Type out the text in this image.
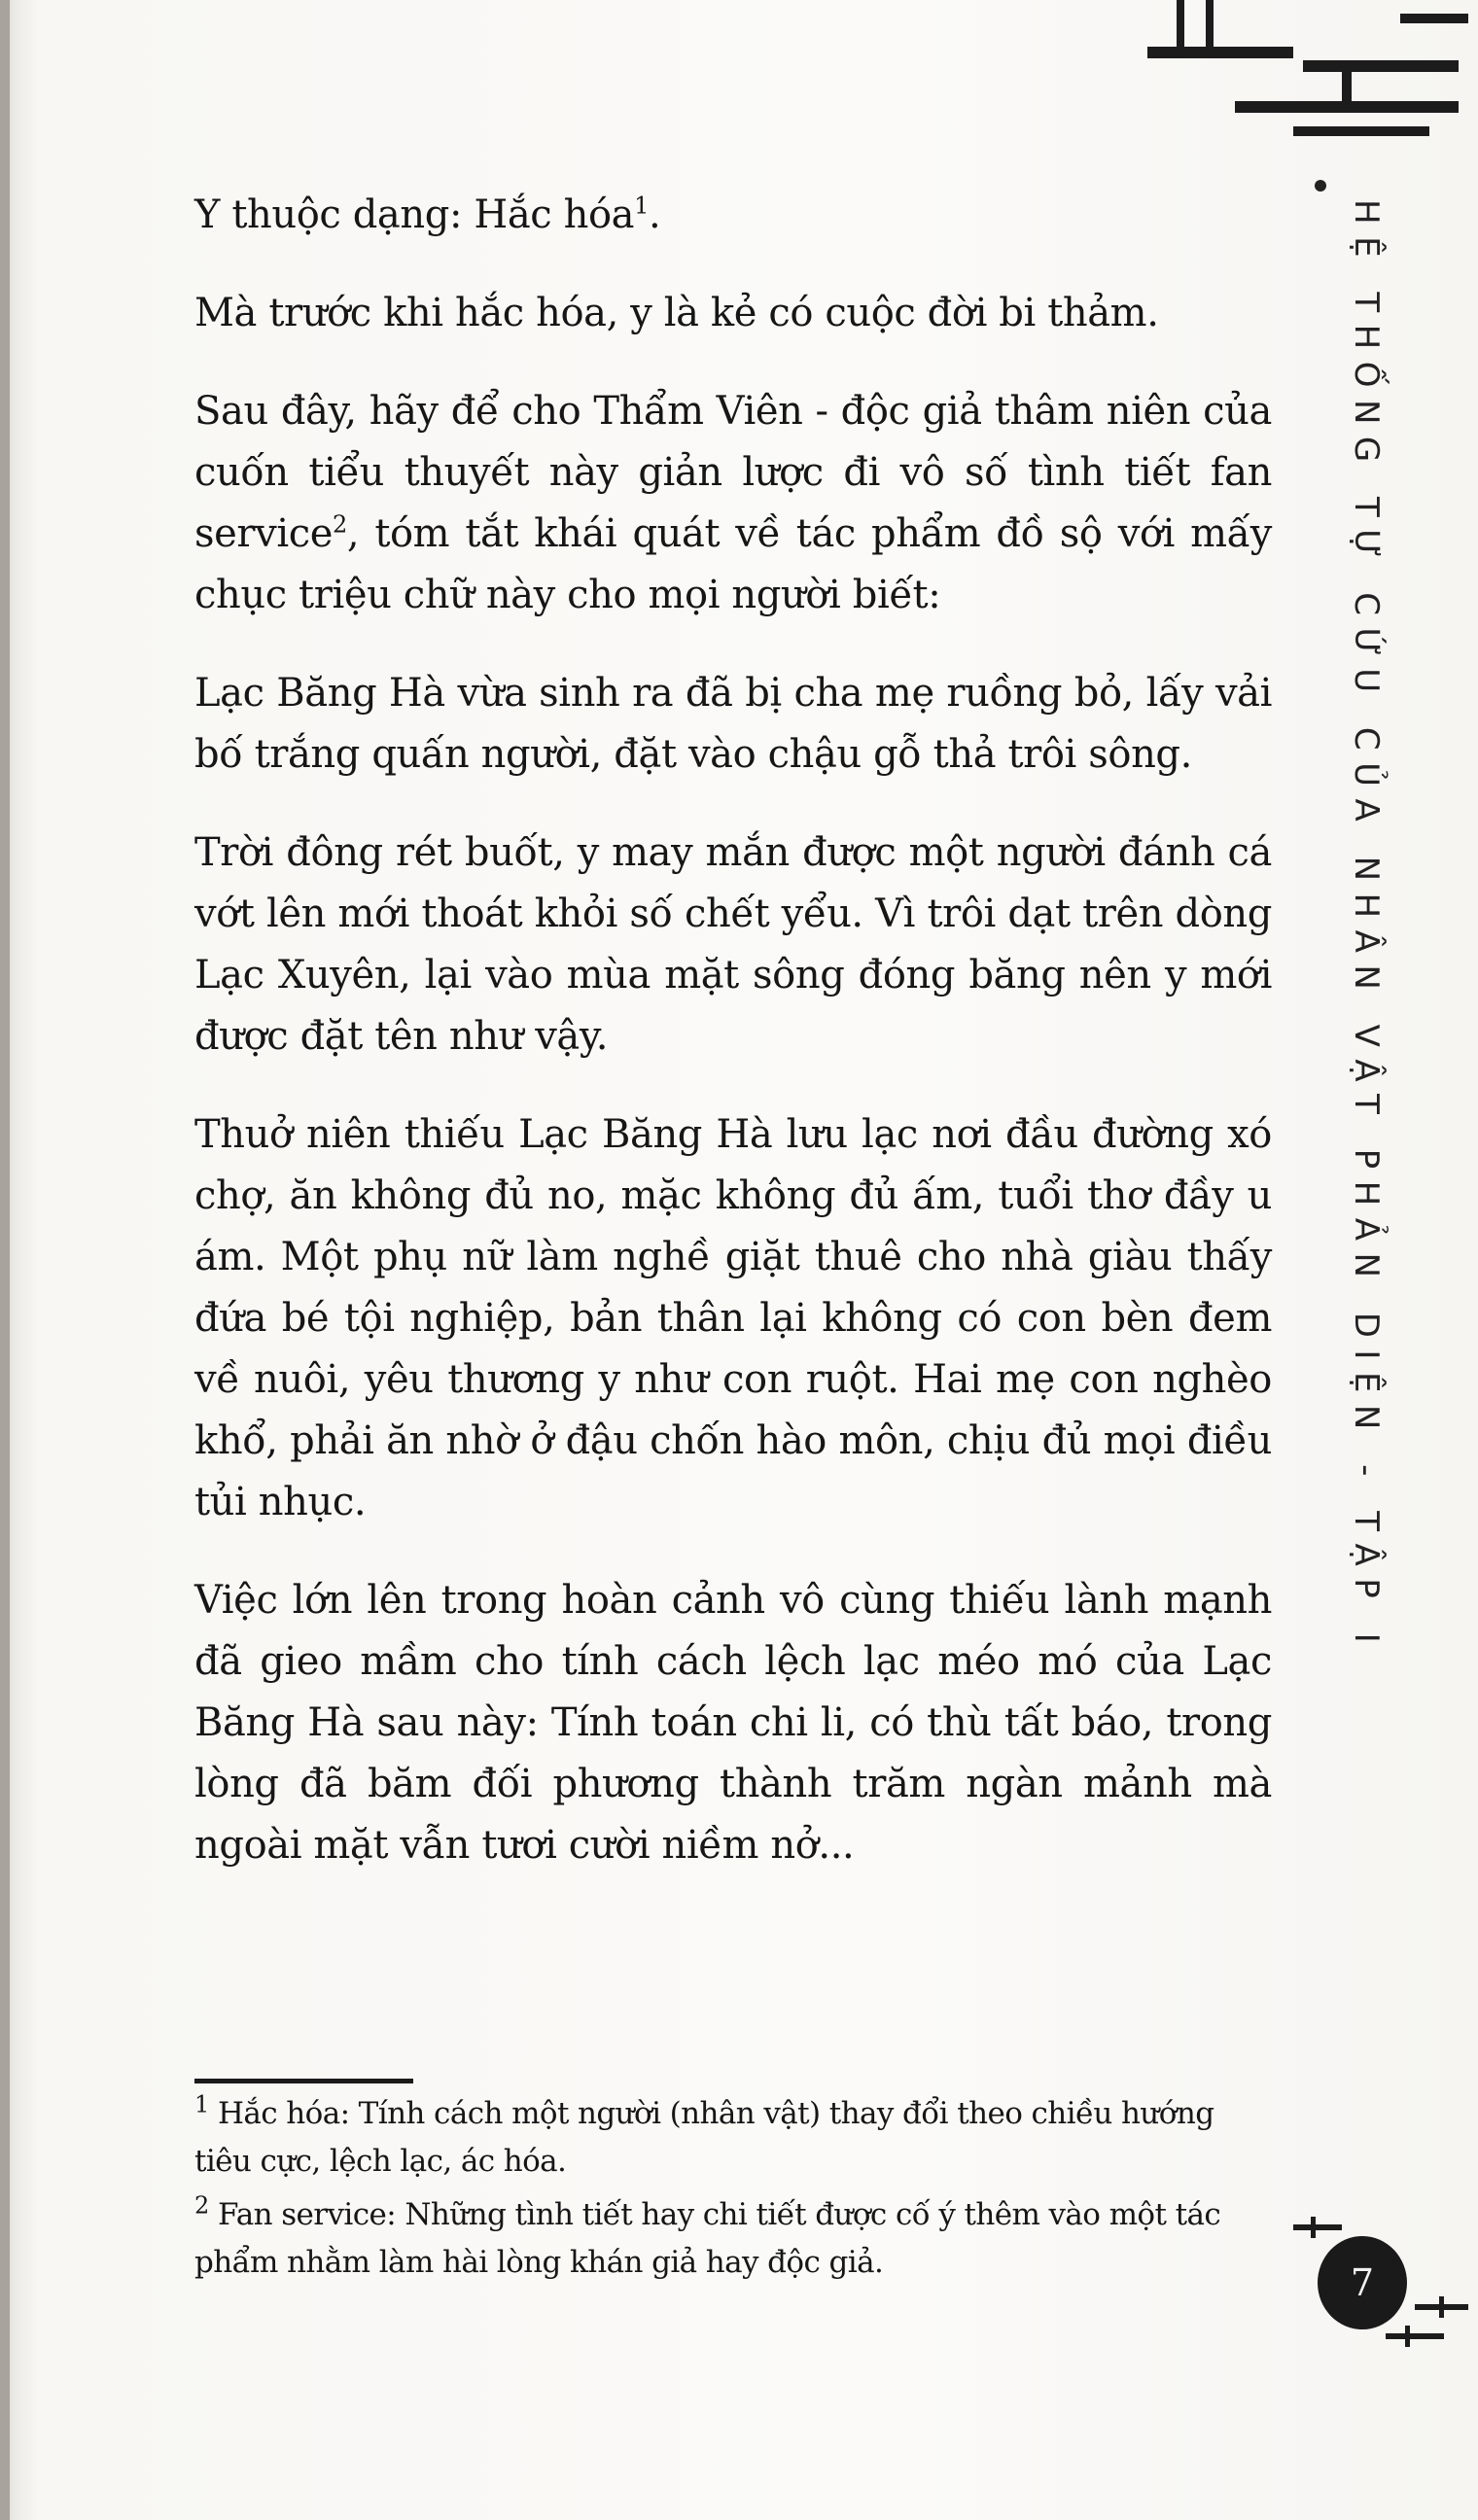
HỆ THỐNG TỰ CỨU CỦA NHÂN VẬT PHẢN DIỆN - TẬP I

Y thuộc dạng: Hắc hóa$^1$.

Mà trước khi hắc hóa, y là kẻ có cuộc đời bi thảm.

Sau đây, hãy để cho Thẩm Viên - độc giả thâm niên của cuốn tiểu thuyết này giản lược đi vô số tình tiết fan service$^2$, tóm tắt khái quát về tác phẩm đồ sộ với mấy chục triệu chữ này cho mọi người biết:

Lạc Băng Hà vừa sinh ra đã bị cha mẹ ruồng bỏ, lấy vải bố trắng quấn người, đặt vào chậu gỗ thả trôi sông.

Trời đông rét buốt, y may mắn được một người đánh cá vớt lên mới thoát khỏi số chết yểu. Vì trôi dạt trên dòng Lạc Xuyên, lại vào mùa mặt sông đóng băng nên y mới được đặt tên như vậy.

Thuở niên thiếu Lạc Băng Hà lưu lạc nơi đầu đường xó chợ, ăn không đủ no, mặc không đủ ấm, tuổi thơ đầy u ám. Một phụ nữ làm nghề giặt thuê cho nhà giàu thấy đứa bé tội nghiệp, bản thân lại không có con bèn đem về nuôi, yêu thương y như con ruột. Hai mẹ con nghèo khổ, phải ăn nhờ ở đậu chốn hào môn, chịu đủ mọi điều tủi nhục.

Việc lớn lên trong hoàn cảnh vô cùng thiếu lành mạnh đã gieo mầm cho tính cách lệch lạc méo mó của Lạc Băng Hà sau này: Tính toán chi li, có thù tất báo, trong lòng đã băm đối phương thành trăm ngàn mảnh mà ngoài mặt vẫn tươi cười niềm nở...

$^1$ Hắc hóa: Tính cách một người (nhân vật) thay đổi theo chiều hướng tiêu cực, lệch lạc, ác hóa.

$^2$ Fan service: Những tình tiết hay chi tiết được cố ý thêm vào một tác phẩm nhằm làm hài lòng khán giả hay độc giả.	7
